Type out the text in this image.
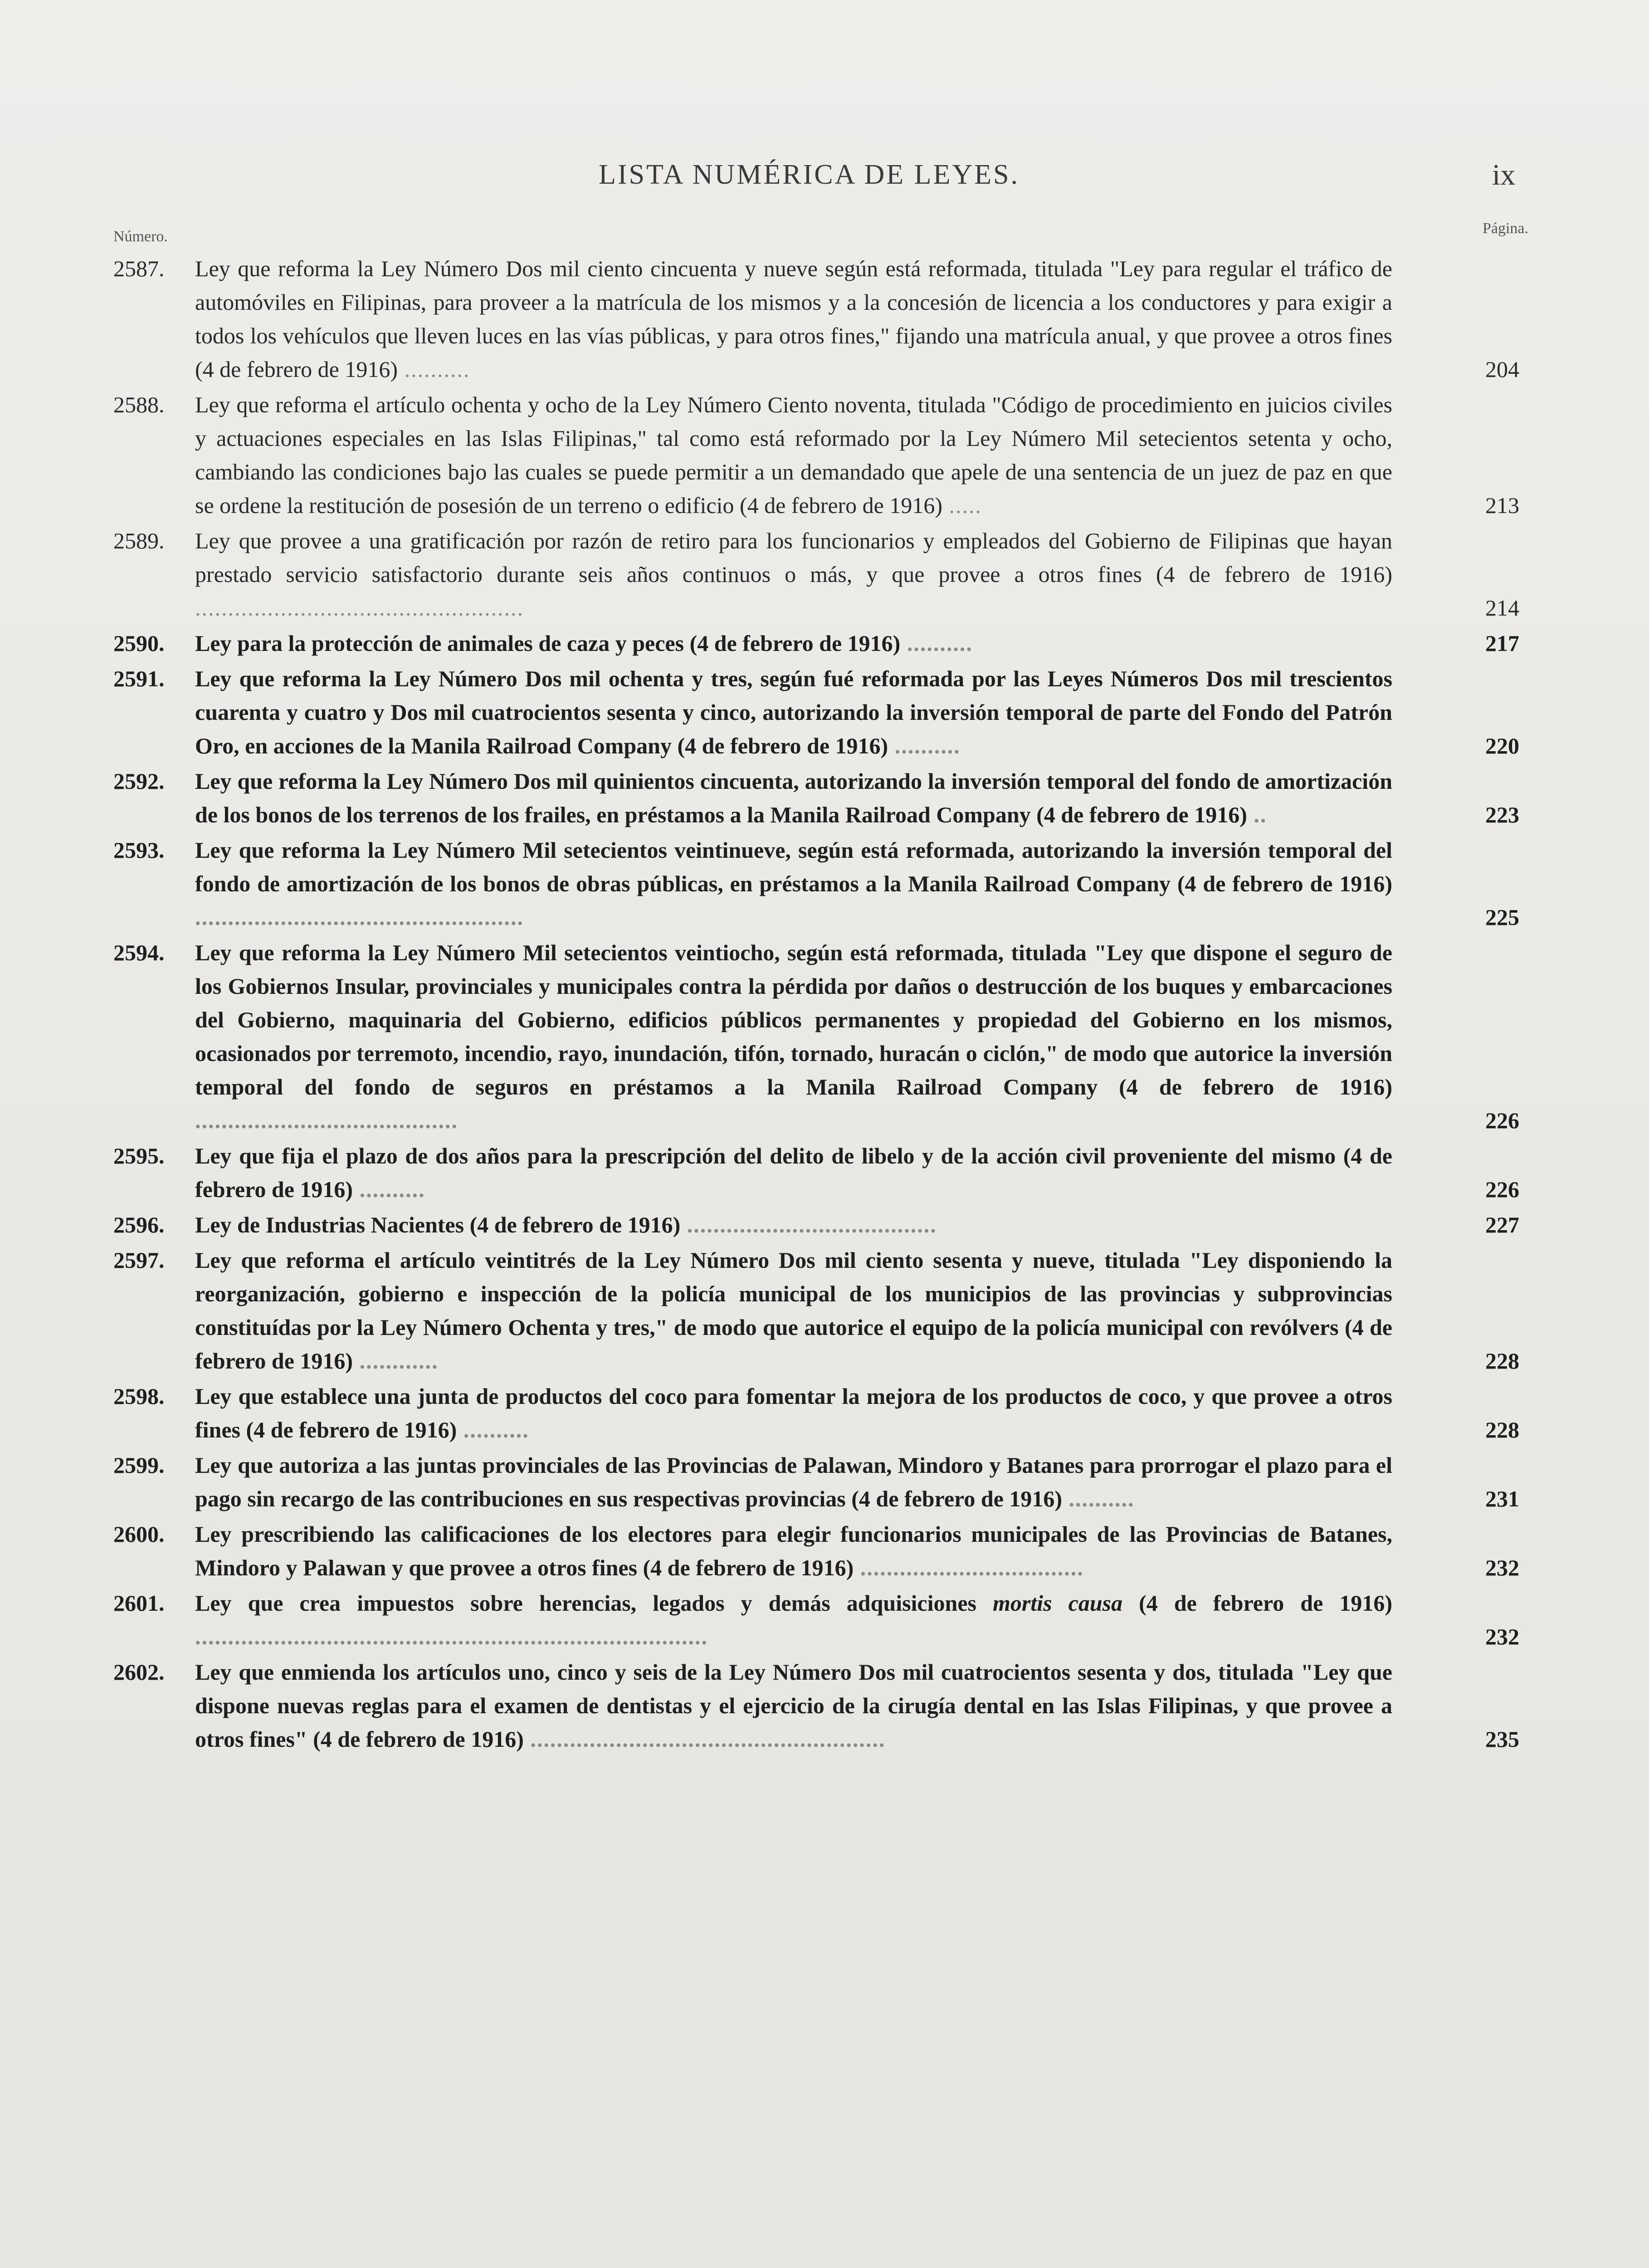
LISTA NUMÉRICA DE LEYES.	ix
Número.	Página.
2587.	Ley que reforma la Ley Número Dos mil ciento cincuenta y nueve según está reformada, titulada "Ley para regular el tráfico de automóviles en Filipinas, para proveer a la matrícula de los mismos y a la concesión de licencia a los conductores y para exigir a todos los vehículos que lleven luces en las vías públicas, y para otros fines," fijando una matrícula anual, y que provee a otros fines (4 de febrero de 1916) ..........	204
2588.	Ley que reforma el artículo ochenta y ocho de la Ley Número Ciento noventa, titulada "Código de procedimiento en juicios civiles y actuaciones especiales en las Islas Filipinas," tal como está reformado por la Ley Número Mil setecientos setenta y ocho, cambiando las condiciones bajo las cuales se puede permitir a un demandado que apele de una sentencia de un juez de paz en que se ordene la restitución de posesión de un terreno o edificio (4 de febrero de 1916) .....	213
2589.	Ley que provee a una gratificación por razón de retiro para los funcionarios y empleados del Gobierno de Filipinas que hayan prestado servicio satisfactorio durante seis años continuos o más, y que provee a otros fines (4 de febrero de 1916) ..................................................	214
2590.	Ley para la protección de animales de caza y peces (4 de febrero de 1916) ..........	217
2591.	Ley que reforma la Ley Número Dos mil ochenta y tres, según fué reformada por las Leyes Números Dos mil trescientos cuarenta y cuatro y Dos mil cuatrocientos sesenta y cinco, autorizando la inversión temporal de parte del Fondo del Patrón Oro, en acciones de la Manila Railroad Company (4 de febrero de 1916) ..........	220
2592.	Ley que reforma la Ley Número Dos mil quinientos cincuenta, autorizando la inversión temporal del fondo de amortización de los bonos de los terrenos de los frailes, en préstamos a la Manila Railroad Company (4 de febrero de 1916) ..	223
2593.	Ley que reforma la Ley Número Mil setecientos veintinueve, según está reformada, autorizando la inversión temporal del fondo de amortización de los bonos de obras públicas, en préstamos a la Manila Railroad Company (4 de febrero de 1916) ..................................................	225
2594.	Ley que reforma la Ley Número Mil setecientos veintiocho, según está reformada, titulada "Ley que dispone el seguro de los Gobiernos Insular, provinciales y municipales contra la pérdida por daños o destrucción de los buques y embarcaciones del Gobierno, maquinaria del Gobierno, edificios públicos permanentes y propiedad del Gobierno en los mismos, ocasionados por terremoto, incendio, rayo, inundación, tifón, tornado, huracán o ciclón," de modo que autorice la inversión temporal del fondo de seguros en préstamos a la Manila Railroad Company (4 de febrero de 1916) ........................................	226
2595.	Ley que fija el plazo de dos años para la prescripción del delito de libelo y de la acción civil proveniente del mismo (4 de febrero de 1916) ..........	226
2596.	Ley de Industrias Nacientes (4 de febrero de 1916) ......................................	227
2597.	Ley que reforma el artículo veintitrés de la Ley Número Dos mil ciento sesenta y nueve, titulada "Ley disponiendo la reorganización, gobierno e inspección de la policía municipal de los municipios de las provincias y subprovincias constituídas por la Ley Número Ochenta y tres," de modo que autorice el equipo de la policía municipal con revólvers (4 de febrero de 1916) ............	228
2598.	Ley que establece una junta de productos del coco para fomentar la mejora de los productos de coco, y que provee a otros fines (4 de febrero de 1916) ..........	228
2599.	Ley que autoriza a las juntas provinciales de las Provincias de Palawan, Mindoro y Batanes para prorrogar el plazo para el pago sin recargo de las contribuciones en sus respectivas provincias (4 de febrero de 1916) ..........	231
2600.	Ley prescribiendo las calificaciones de los electores para elegir funcionarios municipales de las Provincias de Batanes, Mindoro y Palawan y que provee a otros fines (4 de febrero de 1916) ..................................	232
2601.	Ley que crea impuestos sobre herencias, legados y demás adquisiciones mortis causa (4 de febrero de 1916) ..............................................................................	232
2602.	Ley que enmienda los artículos uno, cinco y seis de la Ley Número Dos mil cuatrocientos sesenta y dos, titulada "Ley que dispone nuevas reglas para el examen de dentistas y el ejercicio de la cirugía dental en las Islas Filipinas, y que provee a otros fines" (4 de febrero de 1916) ......................................................	235
